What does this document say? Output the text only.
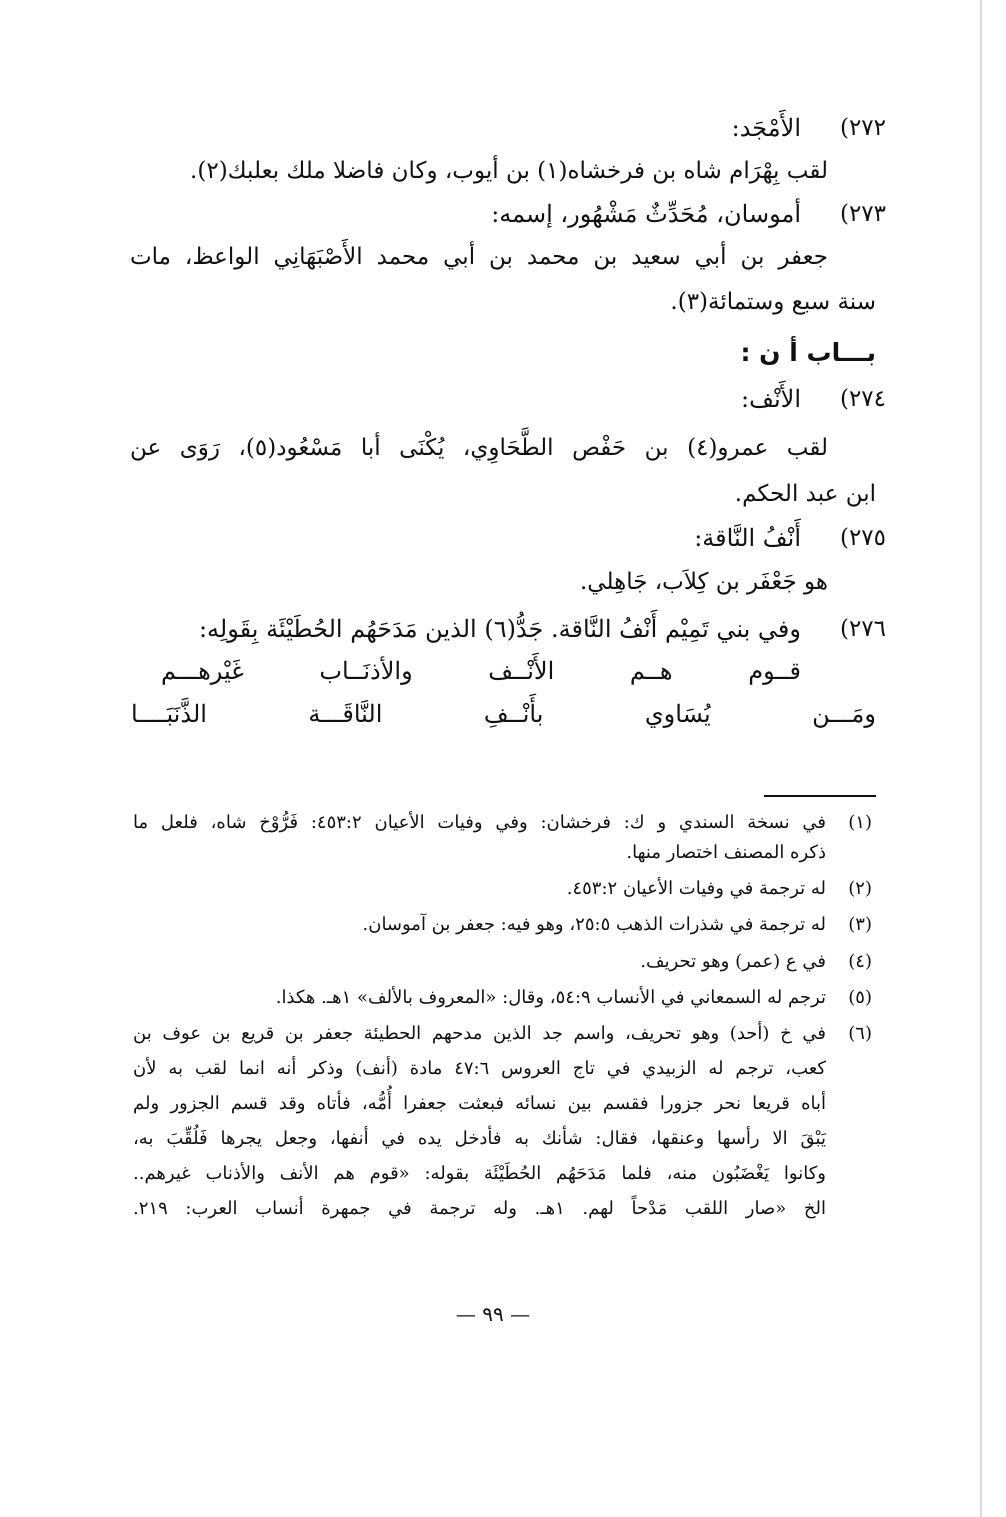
٢٧٢)
الأَمْجَد:
لقب بِهْرَام شاه بن فرخشاه(١) بن أيوب، وكان فاضلا ملك بعلبك(٢).
٢٧٣)
أموسان، مُحَدِّثٌ مَشْهُور، إسمه:
جعفر بن أبي سعيد بن محمد بن أبي محمد الأَصْبَهَانِي الواعظ، مات
سنة سبع وستمائة(٣).
بـــاب أ ن :
٢٧٤)
الأَنْف:
لقب عمرو(٤) بن حَفْص الطَّحَاوِي، يُكْنَى أبا مَسْعُود(٥)، رَوَى عن
ابن عبد الحكم.
٢٧٥)
أَنْفُ النَّاقة:
هو جَعْفَر بن كِلاَب، جَاهِلي.
٢٧٦)
وفي بني تَمِيْم أَنْفُ النَّاقة. جَدُّ(٦) الذين مَدَحَهُم الحُطَيْئَة بِقَولِه:
قــوم هــم الأَنْــف والأذنَــاب غَيْرهـــم
ومَـــن يُسَاوي بأَنْــفِ النَّاقَـــة الذَّنَبَــــا
(١)
في نسخة السندي و ك: فرخشان: وفي وفيات الأعيان ٤٥٣:٢: فَرُّوْخ شاه، فلعل ما
ذكره المصنف اختصار منها.
(٢)
له ترجمة في وفيات الأعيان ٤٥٣:٢.
(٣)
له ترجمة في شذرات الذهب ٢٥:٥، وهو فيه: جعفر بن آموسان.
(٤)
في ع (عمر) وهو تحريف.
(٥)
ترجم له السمعاني في الأنساب ٥٤:٩، وقال: «المعروف بالألف» ١هـ. هكذا.
(٦)
في خ (أحد) وهو تحريف، واسم جد الذين مدحهم الحطيئة جعفر بن قريع بن عوف بن
كعب، ترجم له الزبيدي في تاج العروس ٤٧:٦ مادة (أنف) وذكر أنه انما لقب به لأن
أباه قريعا نحر جزورا فقسم بين نسائه فبعثت جعفرا أُمُّه، فأتاه وقد قسم الجزور ولم
يَبْقَ الا رأسها وعنقها، فقال: شأنك به فأدخل يده في أنفها، وجعل يجرها فَلُقِّبَ به،
وكانوا يَغْضَبُون منه، فلما مَدَحَهُم الحُطَيْئَة بقوله: «قوم هم الأنف والأذناب غيرهم..
الخ «صار اللقب مَدْحاً لهم. ١هـ. وله ترجمة في جمهرة أنساب العرب: ٢١٩.
— ٩٩ —
